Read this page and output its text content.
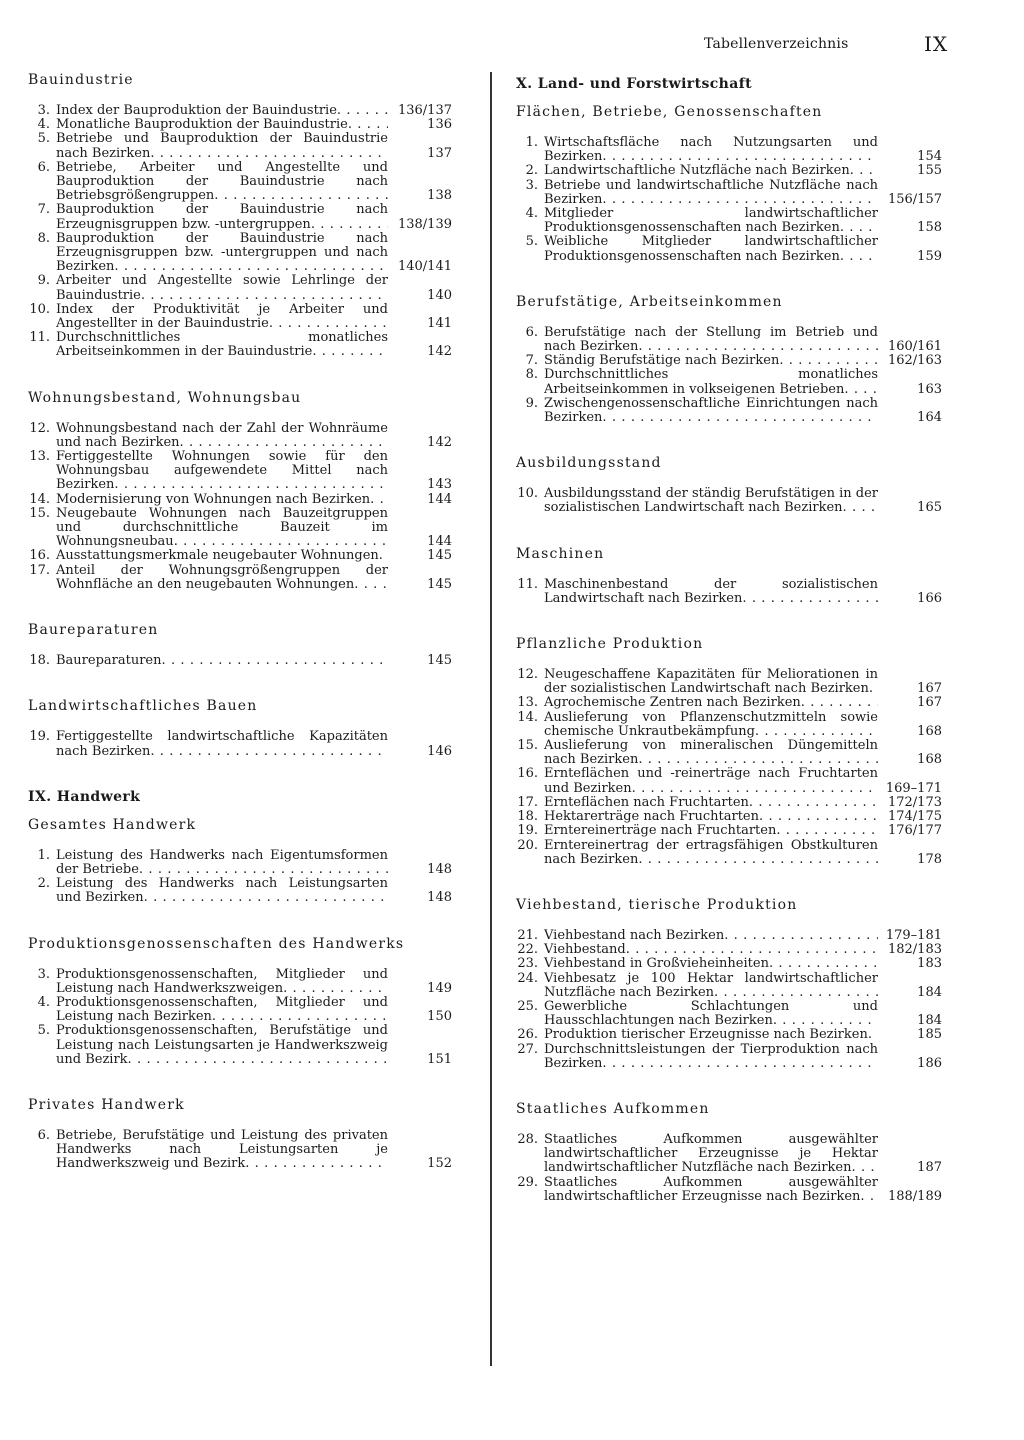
Tabellenverzeichnis	IX
Bauindustrie
3. Index der Bauproduktion der Bauindustrie . . .	136/137
4. Monatliche Bauproduktion der Bauindustrie . . .	136
5. Betriebe und Bauproduktion der Bauindustrie nach Bezirken . . .	137
6. Betriebe, Arbeiter und Angestellte und Bauproduktion der Bauindustrie nach Betriebsgrößengruppen . . .	138
7. Bauproduktion der Bauindustrie nach Erzeugnisgruppen bzw. -untergruppen . . .	138/139
8. Bauproduktion der Bauindustrie nach Erzeugnisgruppen bzw. -untergruppen und nach Bezirken . . .	140/141
9. Arbeiter und Angestellte sowie Lehrlinge der Bauindustrie . . .	140
10. Index der Produktivität je Arbeiter und Angestellter in der Bauindustrie . . .	141
11. Durchschnittliches monatliches Arbeitseinkommen in der Bauindustrie . . .	142
Wohnungsbestand, Wohnungsbau
12. Wohnungsbestand nach der Zahl der Wohnräume und nach Bezirken . . .	142
13. Fertiggestellte Wohnungen sowie für den Wohnungsbau aufgewendete Mittel nach Bezirken . . .	143
14. Modernisierung von Wohnungen nach Bezirken . . .	144
15. Neugebaute Wohnungen nach Bauzeitgruppen und durchschnittliche Bauzeit im Wohnungsneubau . . .	144
16. Ausstattungsmerkmale neugebauter Wohnungen . . .	145
17. Anteil der Wohnungsgrößengruppen der Wohnfläche an den neugebauten Wohnungen . . .	145
Baureparaturen
18. Baureparaturen . . .	145
Landwirtschaftliches Bauen
19. Fertiggestellte landwirtschaftliche Kapazitäten nach Bezirken . . .	146
IX. Handwerk
Gesamtes Handwerk
1. Leistung des Handwerks nach Eigentumsformen der Betriebe . . .	148
2. Leistung des Handwerks nach Leistungsarten und Bezirken . . .	148
Produktionsgenossenschaften des Handwerks
3. Produktionsgenossenschaften, Mitglieder und Leistung nach Handwerkszweigen . . .	149
4. Produktionsgenossenschaften, Mitglieder und Leistung nach Bezirken . . .	150
5. Produktionsgenossenschaften, Berufstätige und Leistung nach Leistungsarten je Handwerkszweig und Bezirk . . .	151
Privates Handwerk
6. Betriebe, Berufstätige und Leistung des privaten Handwerks nach Leistungsarten je Handwerkszweig und Bezirk . . .	152
X. Land- und Forstwirtschaft
Flächen, Betriebe, Genossenschaften
1. Wirtschaftsfläche nach Nutzungsarten und Bezirken . . .	154
2. Landwirtschaftliche Nutzfläche nach Bezirken . . .	155
3. Betriebe und landwirtschaftliche Nutzfläche nach Bezirken . . .	156/157
4. Mitglieder landwirtschaftlicher Produktionsgenossenschaften nach Bezirken . . .	158
5. Weibliche Mitglieder landwirtschaftlicher Produktionsgenossenschaften nach Bezirken . . .	159
Berufstätige, Arbeitseinkommen
6. Berufstätige nach der Stellung im Betrieb und nach Bezirken . . .	160/161
7. Ständig Berufstätige nach Bezirken . . .	162/163
8. Durchschnittliches monatliches Arbeitseinkommen in volkseigenen Betrieben . . .	163
9. Zwischengenossenschaftliche Einrichtungen nach Bezirken . . .	164
Ausbildungsstand
10. Ausbildungsstand der ständig Berufstätigen in der sozialistischen Landwirtschaft nach Bezirken . . .	165
Maschinen
11. Maschinenbestand der sozialistischen Landwirtschaft nach Bezirken . . .	166
Pflanzliche Produktion
12. Neugeschaffene Kapazitäten für Meliorationen in der sozialistischen Landwirtschaft nach Bezirken . . .	167
13. Agrochemische Zentren nach Bezirken . . .	167
14. Auslieferung von Pflanzenschutzmitteln sowie chemische Unkrautbekämpfung . . .	168
15. Auslieferung von mineralischen Düngemitteln nach Bezirken . . .	168
16. Ernteflächen und -reinerträge nach Fruchtarten und Bezirken . . .	169–171
17. Ernteflächen nach Fruchtarten . . .	172/173
18. Hektarerträge nach Fruchtarten . . .	174/175
19. Erntereinerträge nach Fruchtarten . . .	176/177
20. Erntereinertrag der ertragsfähigen Obstkulturen nach Bezirken . . .	178
Viehbestand, tierische Produktion
21. Viehbestand nach Bezirken . . .	179–181
22. Viehbestand . . .	182/183
23. Viehbestand in Großvieheinheiten . . .	183
24. Viehbesatz je 100 Hektar landwirtschaftlicher Nutzfläche nach Bezirken . . .	184
25. Gewerbliche Schlachtungen und Hausschlachtungen nach Bezirken . . .	184
26. Produktion tierischer Erzeugnisse nach Bezirken . . .	185
27. Durchschnittsleistungen der Tierproduktion nach Bezirken . . .	186
Staatliches Aufkommen
28. Staatliches Aufkommen ausgewählter landwirtschaftlicher Erzeugnisse je Hektar landwirtschaftlicher Nutzfläche nach Bezirken . . .	187
29. Staatliches Aufkommen ausgewählter landwirtschaftlicher Erzeugnisse nach Bezirken . . .	188/189
